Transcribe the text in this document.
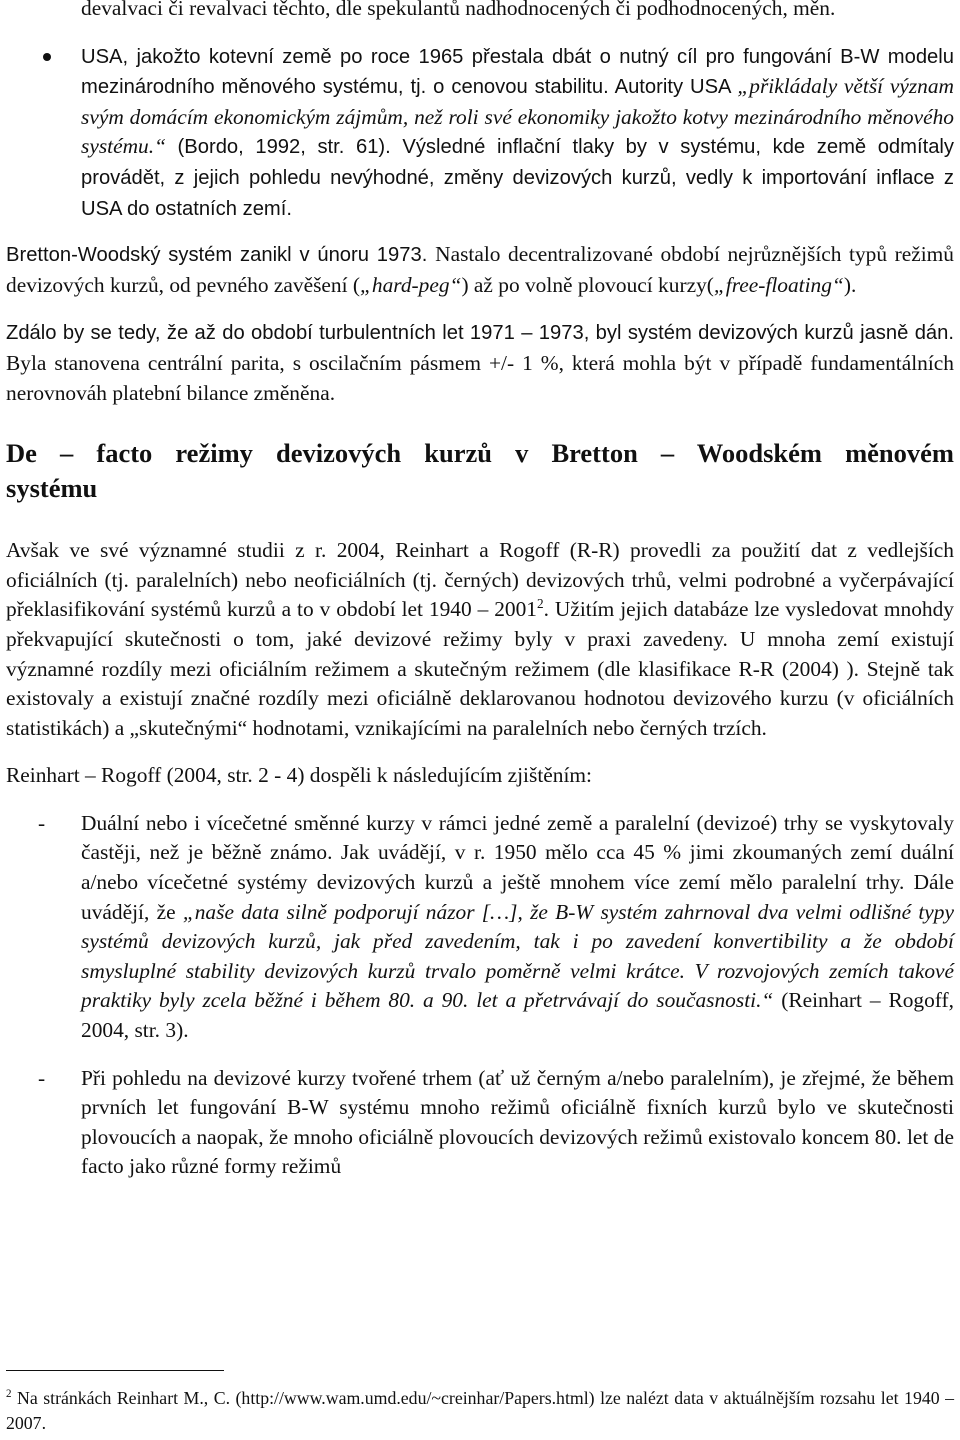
devalvaci či revalvaci těchto, dle spekulantů nadhodnocených či podhodnocených, měn.

USA, jakožto kotevní země po roce 1965 přestala dbát o nutný cíl pro fungování B-W modelu mezinárodního měnového systému, tj. o cenovou stabilitu. Autority USA „přikládaly větší význam svým domácím ekonomickým zájmům, než roli své ekonomiky jakožto kotvy mezinárodního měnového systému.“ (Bordo, 1992, str. 61). Výsledné inflační tlaky by v systému, kde země odmítaly provádět, z jejich pohledu nevýhodné, změny devizových kurzů, vedly k importování inflace z USA do ostatních zemí.

Bretton-Woodský systém zanikl v únoru 1973. Nastalo decentralizované období nejrůznějších typů režimů devizových kurzů, od pevného zavěšení („hard-peg“) až po volně plovoucí kurzy(„free-floating“).

Zdálo by se tedy, že až do období turbulentních let 1971 – 1973, byl systém devizových kurzů jasně dán. Byla stanovena centrální parita, s oscilačním pásmem +/- 1 %, která mohla být v případě fundamentálních nerovnováh platební bilance změněna.

De – facto režimy devizových kurzů v Bretton – Woodském měnovém systému

Avšak ve své významné studii z r. 2004, Reinhart a Rogoff (R-R) provedli za použití dat z vedlejších oficiálních (tj. paralelních) nebo neoficiálních (tj. černých) devizových trhů, velmi podrobné a vyčerpávající překlasifikování systémů kurzů a to v období let 1940 – 2001$^2$. Užitím jejich databáze lze vysledovat mnohdy překvapující skutečnosti o tom, jaké devizové režimy byly v praxi zavedeny. U mnoha zemí existují významné rozdíly mezi oficiálním režimem a skutečným režimem (dle klasifikace R-R (2004) ). Stejně tak existovaly a existují značné rozdíly mezi oficiálně deklarovanou hodnotou devizového kurzu (v oficiálních statistikách) a „skutečnými“ hodnotami, vznikajícími na paralelních nebo černých trzích.

Reinhart – Rogoff (2004, str. 2 - 4) dospěli k následujícím zjištěním:

- Duální nebo i vícečetné směnné kurzy v rámci jedné země a paralelní (devizoé) trhy se vyskytovaly častěji, než je běžně známo. Jak uvádějí, v r. 1950 mělo cca 45 % jimi zkoumaných zemí duální a/nebo vícečetné systémy devizových kurzů a ještě mnohem více zemí mělo paralelní trhy. Dále uvádějí, že „naše data silně podporují názor […], že B-W systém zahrnoval dva velmi odlišné typy systémů devizových kurzů, jak před zavedením, tak i po zavedení konvertibility a že období smysluplné stability devizových kurzů trvalo poměrně velmi krátce. V rozvojových zemích takové praktiky byly zcela běžné i během 80. a 90. let a přetrvávají do současnosti.“ (Reinhart – Rogoff, 2004, str. 3).

- Při pohledu na devizové kurzy tvořené trhem (ať už černým a/nebo paralelním), je zřejmé, že během prvních let fungování B-W systému mnoho režimů oficiálně fixních kurzů bylo ve skutečnosti plovoucích a naopak, že mnoho oficiálně plovoucích devizových režimů existovalo koncem 80. let de facto jako různé formy režimů

$^2$ Na stránkách Reinhart M., C. (http://www.wam.umd.edu/~creinhar/Papers.html) lze nalézt data v aktuálnějším rozsahu let 1940 – 2007.
